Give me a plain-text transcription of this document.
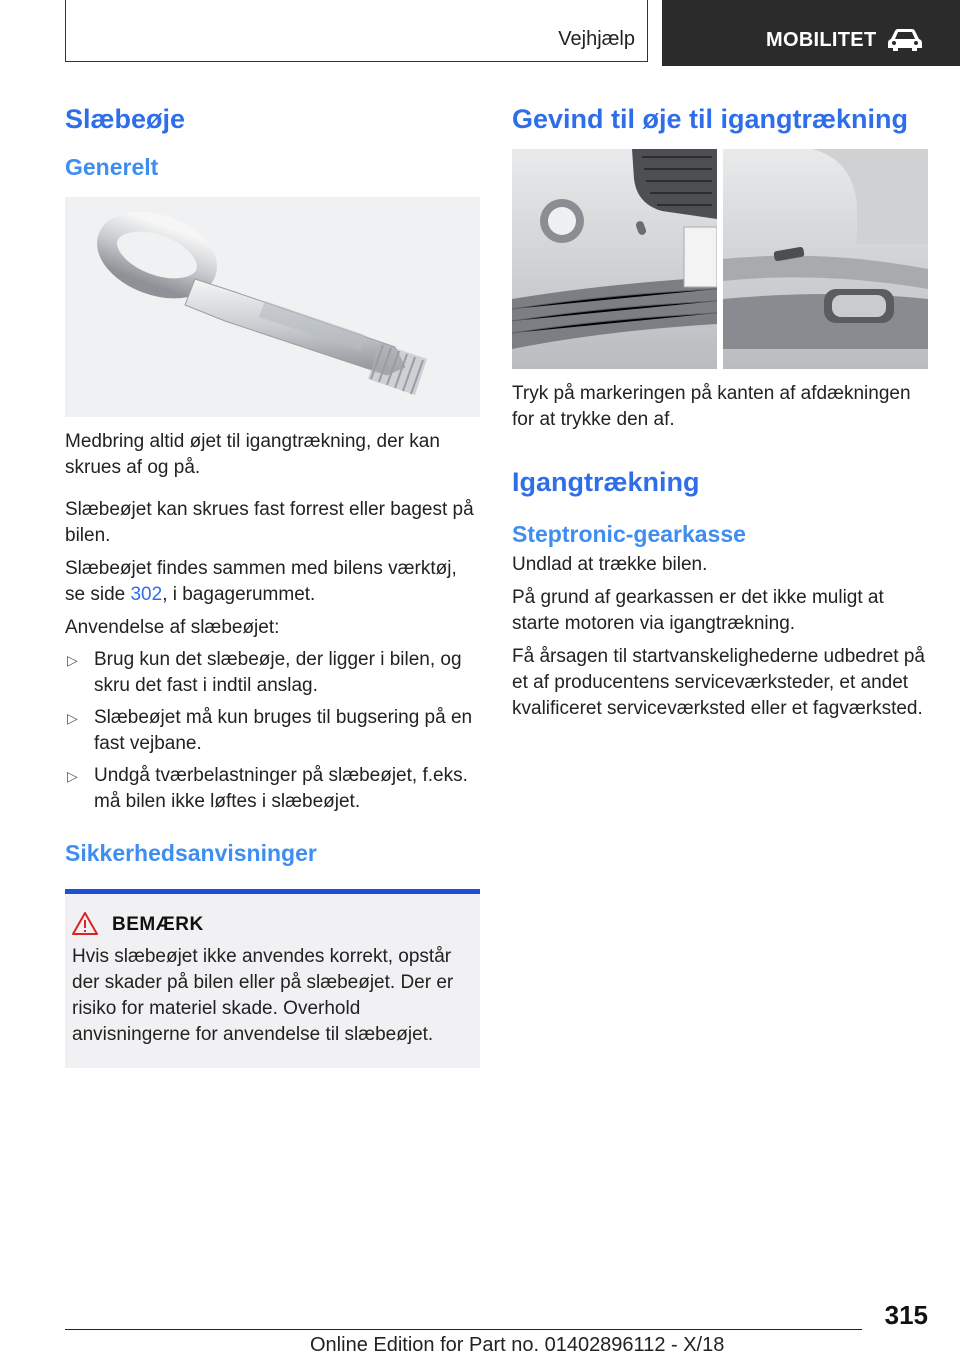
Vejhjælp	MOBILITET
Slæbeøje
Generelt

Medbring altid øjet til igangtrækning, der kan skrues af og på.

Slæbeøjet kan skrues fast forrest eller bagest på bilen.

Slæbeøjet findes sammen med bilens værktøj, se side 302, i bagagerummet.

Anvendelse af slæbeøjet:

▷ Brug kun det slæbeøje, der ligger i bilen, og skru det fast i indtil anslag.
▷ Slæbeøjet må kun bruges til bugsering på en fast vejbane.
▷ Undgå tværbelastninger på slæbeøjet, f.eks. må bilen ikke løftes i slæbeøjet.
Sikkerhedsanvisninger
BEMÆRK

Hvis slæbeøjet ikke anvendes korrekt, opstår der skader på bilen eller på slæbeøjet. Der er risiko for materiel skade. Overhold anvisningerne for anvendelse til slæbeøjet.

Gevind til øje til igangtrækning

Tryk på markeringen på kanten af afdækningen for at trykke den af.

Igangtrækning
Steptronic-gearkasse

Undlad at trække bilen.

På grund af gearkassen er det ikke muligt at starte motoren via igangtrækning.

Få årsagen til startvanskelighederne udbedret på et af producentens serviceværksteder, et andet kvalificeret serviceværksted eller et fagværksted.

315
Online Edition for Part no. 01402896112 - X/18
